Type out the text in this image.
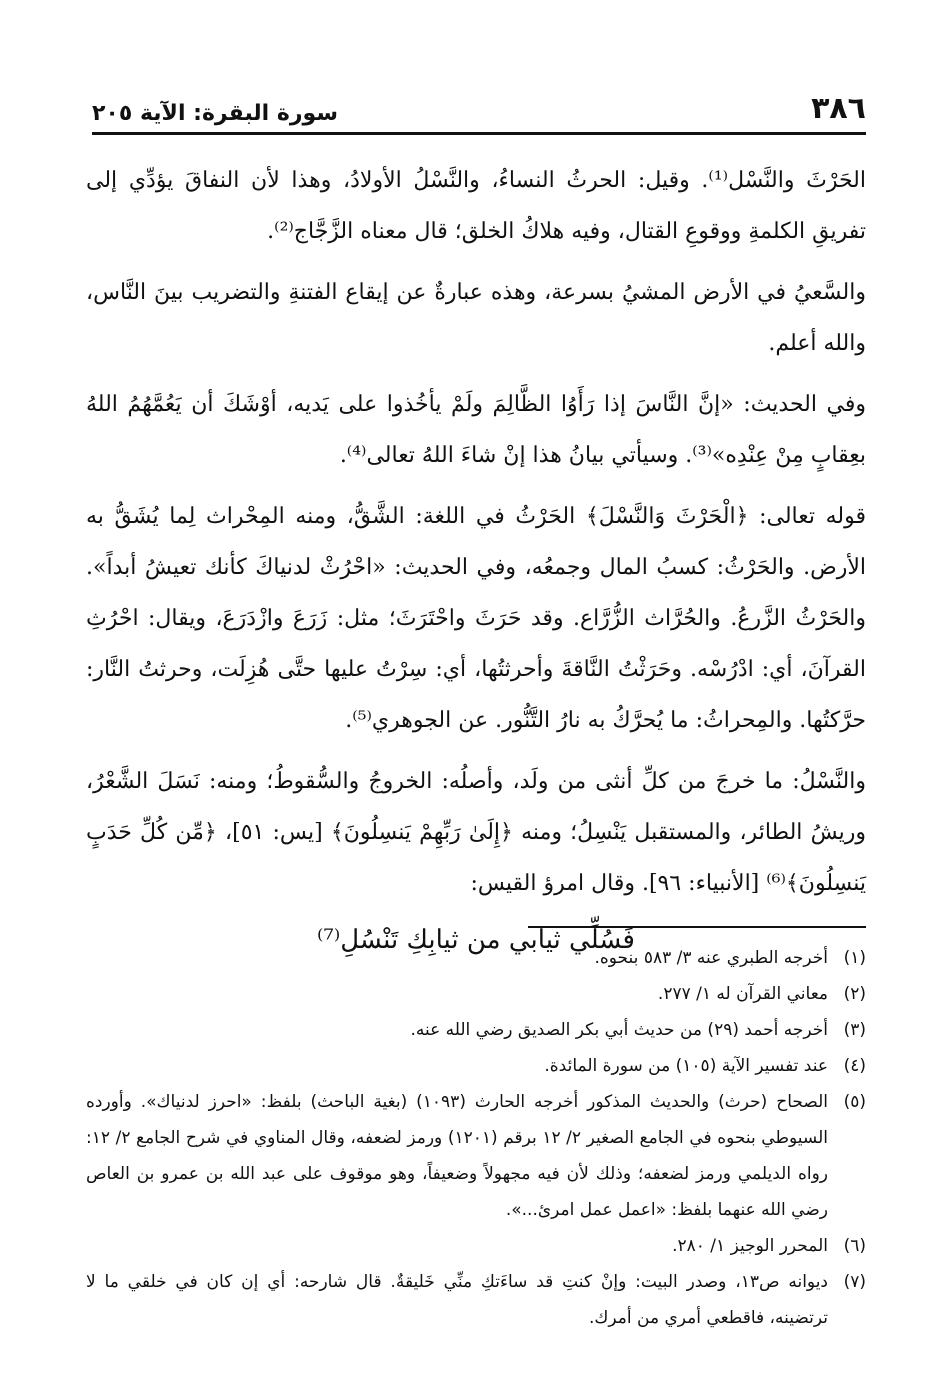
٣٨٦
سورة البقرة: الآية ٢٠٥

الحَرْثَ والنَّسْل⁽¹⁾. وقيل: الحرثُ النساءُ، والنَّسْلُ الأولادُ، وهذا لأن النفاقَ يؤدِّي إلى تفريقِ الكلمةِ ووقوعِ القتال، وفيه هلاكُ الخلق؛ قال معناه الزَّجَّاج⁽²⁾.

والسَّعيُ في الأرض المشيُ بسرعة، وهذه عبارةٌ عن إيقاع الفتنةِ والتضريب بينَ النَّاس، والله أعلم.

وفي الحديث: «إنَّ النَّاسَ إذا رَأَوُا الظَّالِمَ ولَمْ يأخُذوا على يَديه، أوْشَكَ أن يَعُمَّهُمُ اللهُ بعِقابٍ مِنْ عِنْدِه»⁽³⁾. وسيأتي بيانُ هذا إنْ شاءَ اللهُ تعالى⁽⁴⁾.

قوله تعالى: ﴿الْحَرْثَ وَالنَّسْلَ﴾ الحَرْثُ في اللغة: الشَّقُّ، ومنه المِحْراث لِما يُشَقُّ به الأرض. والحَرْثُ: كسبُ المال وجمعُه، وفي الحديث: «احْرُثْ لدنياكَ كأنك تعيشُ أبداً». والحَرْثُ الزَّرعُ. والحُرَّاث الزُّرَّاع. وقد حَرَثَ واحْتَرَثَ؛ مثل: زَرَعَ وازْدَرَعَ، ويقال: احْرُثِ القرآنَ، أي: ادْرُسْه. وحَرَثْتُ النَّاقةَ وأحرثتُها، أي: سِرْتُ عليها حتَّى هُزِلَت، وحرثتُ النَّار: حرَّكتُها. والمِحراثُ: ما يُحرَّكُ به نارُ التَّنُّور. عن الجوهري⁽⁵⁾.

والنَّسْلُ: ما خرجَ من كلِّ أنثى من ولَد، وأصلُه: الخروجُ والسُّقوطُ؛ ومنه: نَسَلَ الشَّعْرُ، وريشُ الطائر، والمستقبل يَنْسِلُ؛ ومنه ﴿إِلَىٰ رَبِّهِمْ يَنسِلُونَ﴾ [يس: ٥١]، ﴿مِّن كُلِّ حَدَبٍ يَنسِلُونَ﴾⁽⁶⁾ [الأنبياء: ٩٦]. وقال امرؤ القيس:

فَسُلِّي ثيابي من ثيابِكِ تَنْسُلِ⁽⁷⁾
(١)
أخرجه الطبري عنه ٣/ ٥٨٣ بنحوه.
(٢)
معاني القرآن له ١/ ٢٧٧.
(٣)
أخرجه أحمد (٢٩) من حديث أبي بكر الصديق رضي الله عنه.
(٤)
عند تفسير الآية (١٠٥) من سورة المائدة.
(٥)
الصحاح (حرث) والحديث المذكور أخرجه الحارث (١٠٩٣) (بغية الباحث) بلفظ: «احرز لدنياك». وأورده السيوطي بنحوه في الجامع الصغير ٢/ ١٢ برقم (١٢٠١) ورمز لضعفه، وقال المناوي في شرح الجامع ٢/ ١٢: رواه الديلمي ورمز لضعفه؛ وذلك لأن فيه مجهولاً وضعيفاً، وهو موقوف على عبد الله بن عمرو بن العاص رضي الله عنهما بلفظ: «اعمل عمل امرئ...».
(٦)
المحرر الوجيز ١/ ٢٨٠.
(٧)
ديوانه ص١٣، وصدر البيت: وإنْ كنتِ قد ساءَتكِ منِّي خَليقةٌ. قال شارحه: أي إن كان في خلقي ما لا ترتضينه، فاقطعي أمري من أمرك.
